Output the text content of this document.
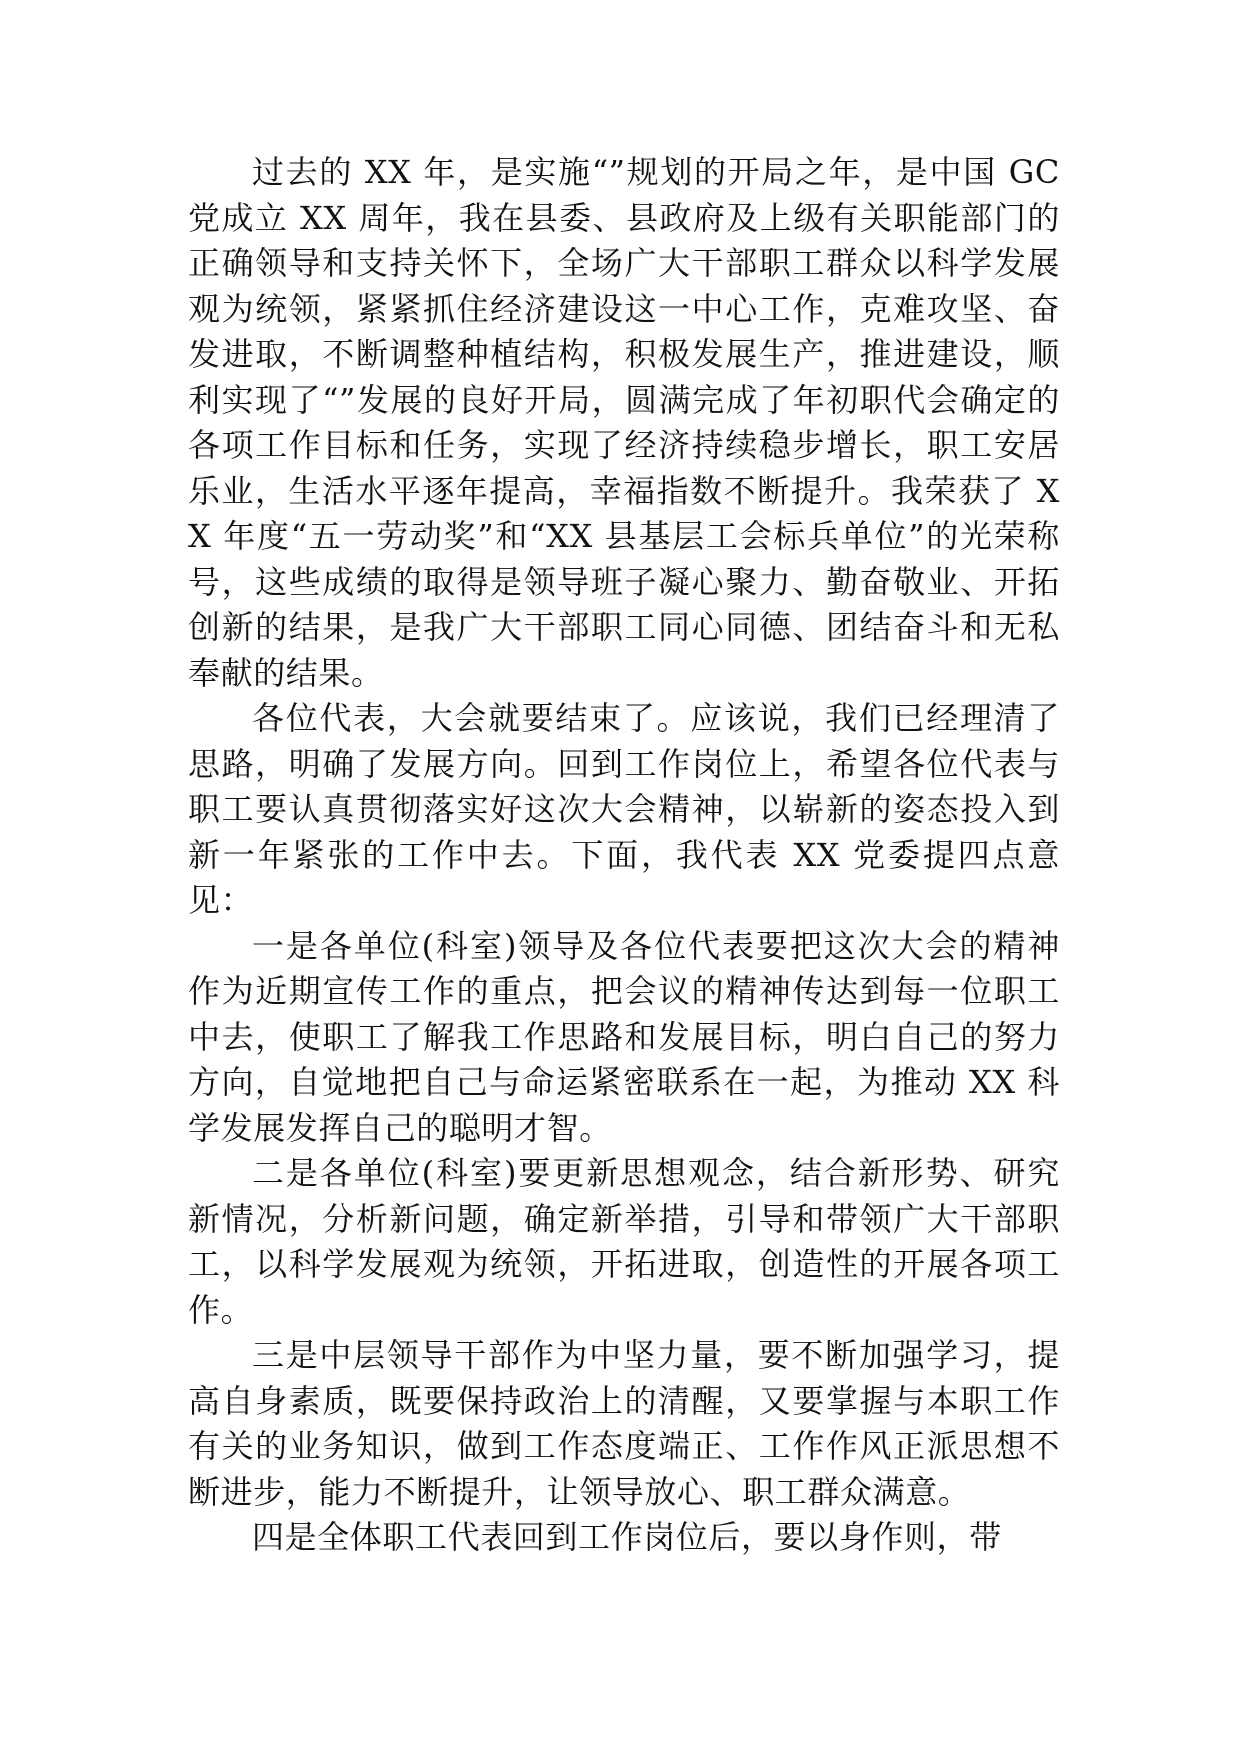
过去的 XX 年，是实施“”规划的开局之年，是中国 GC 党成立 XX 周年，我在县委、县政府及上级有关职能部门的正确领导和支持关怀下，全场广大干部职工群众以科学发展观为统领，紧紧抓住经济建设这一中心工作，克难攻坚、奋发进取，不断调整种植结构，积极发展生产，推进建设，顺利实现了“”发展的良好开局，圆满完成了年初职代会确定的各项工作目标和任务，实现了经济持续稳步增长，职工安居乐业，生活水平逐年提高，幸福指数不断提升。我荣获了 XX 年度“五一劳动奖”和“XX 县基层工会标兵单位”的光荣称号，这些成绩的取得是领导班子凝心聚力、勤奋敬业、开拓创新的结果，是我广大干部职工同心同德、团结奋斗和无私奉献的结果。

各位代表，大会就要结束了。应该说，我们已经理清了思路，明确了发展方向。回到工作岗位上，希望各位代表与职工要认真贯彻落实好这次大会精神，以崭新的姿态投入到新一年紧张的工作中去。下面，我代表 XX 党委提四点意见：

一是各单位(科室)领导及各位代表要把这次大会的精神作为近期宣传工作的重点，把会议的精神传达到每一位职工中去，使职工了解我工作思路和发展目标，明白自己的努力方向，自觉地把自己与命运紧密联系在一起，为推动 XX 科学发展发挥自己的聪明才智。

二是各单位(科室)要更新思想观念，结合新形势、研究新情况，分析新问题，确定新举措，引导和带领广大干部职工，以科学发展观为统领，开拓进取，创造性的开展各项工作。

三是中层领导干部作为中坚力量，要不断加强学习，提高自身素质，既要保持政治上的清醒，又要掌握与本职工作有关的业务知识，做到工作态度端正、工作作风正派思想不断进步，能力不断提升，让领导放心、职工群众满意。

四是全体职工代表回到工作岗位后，要以身作则，带
